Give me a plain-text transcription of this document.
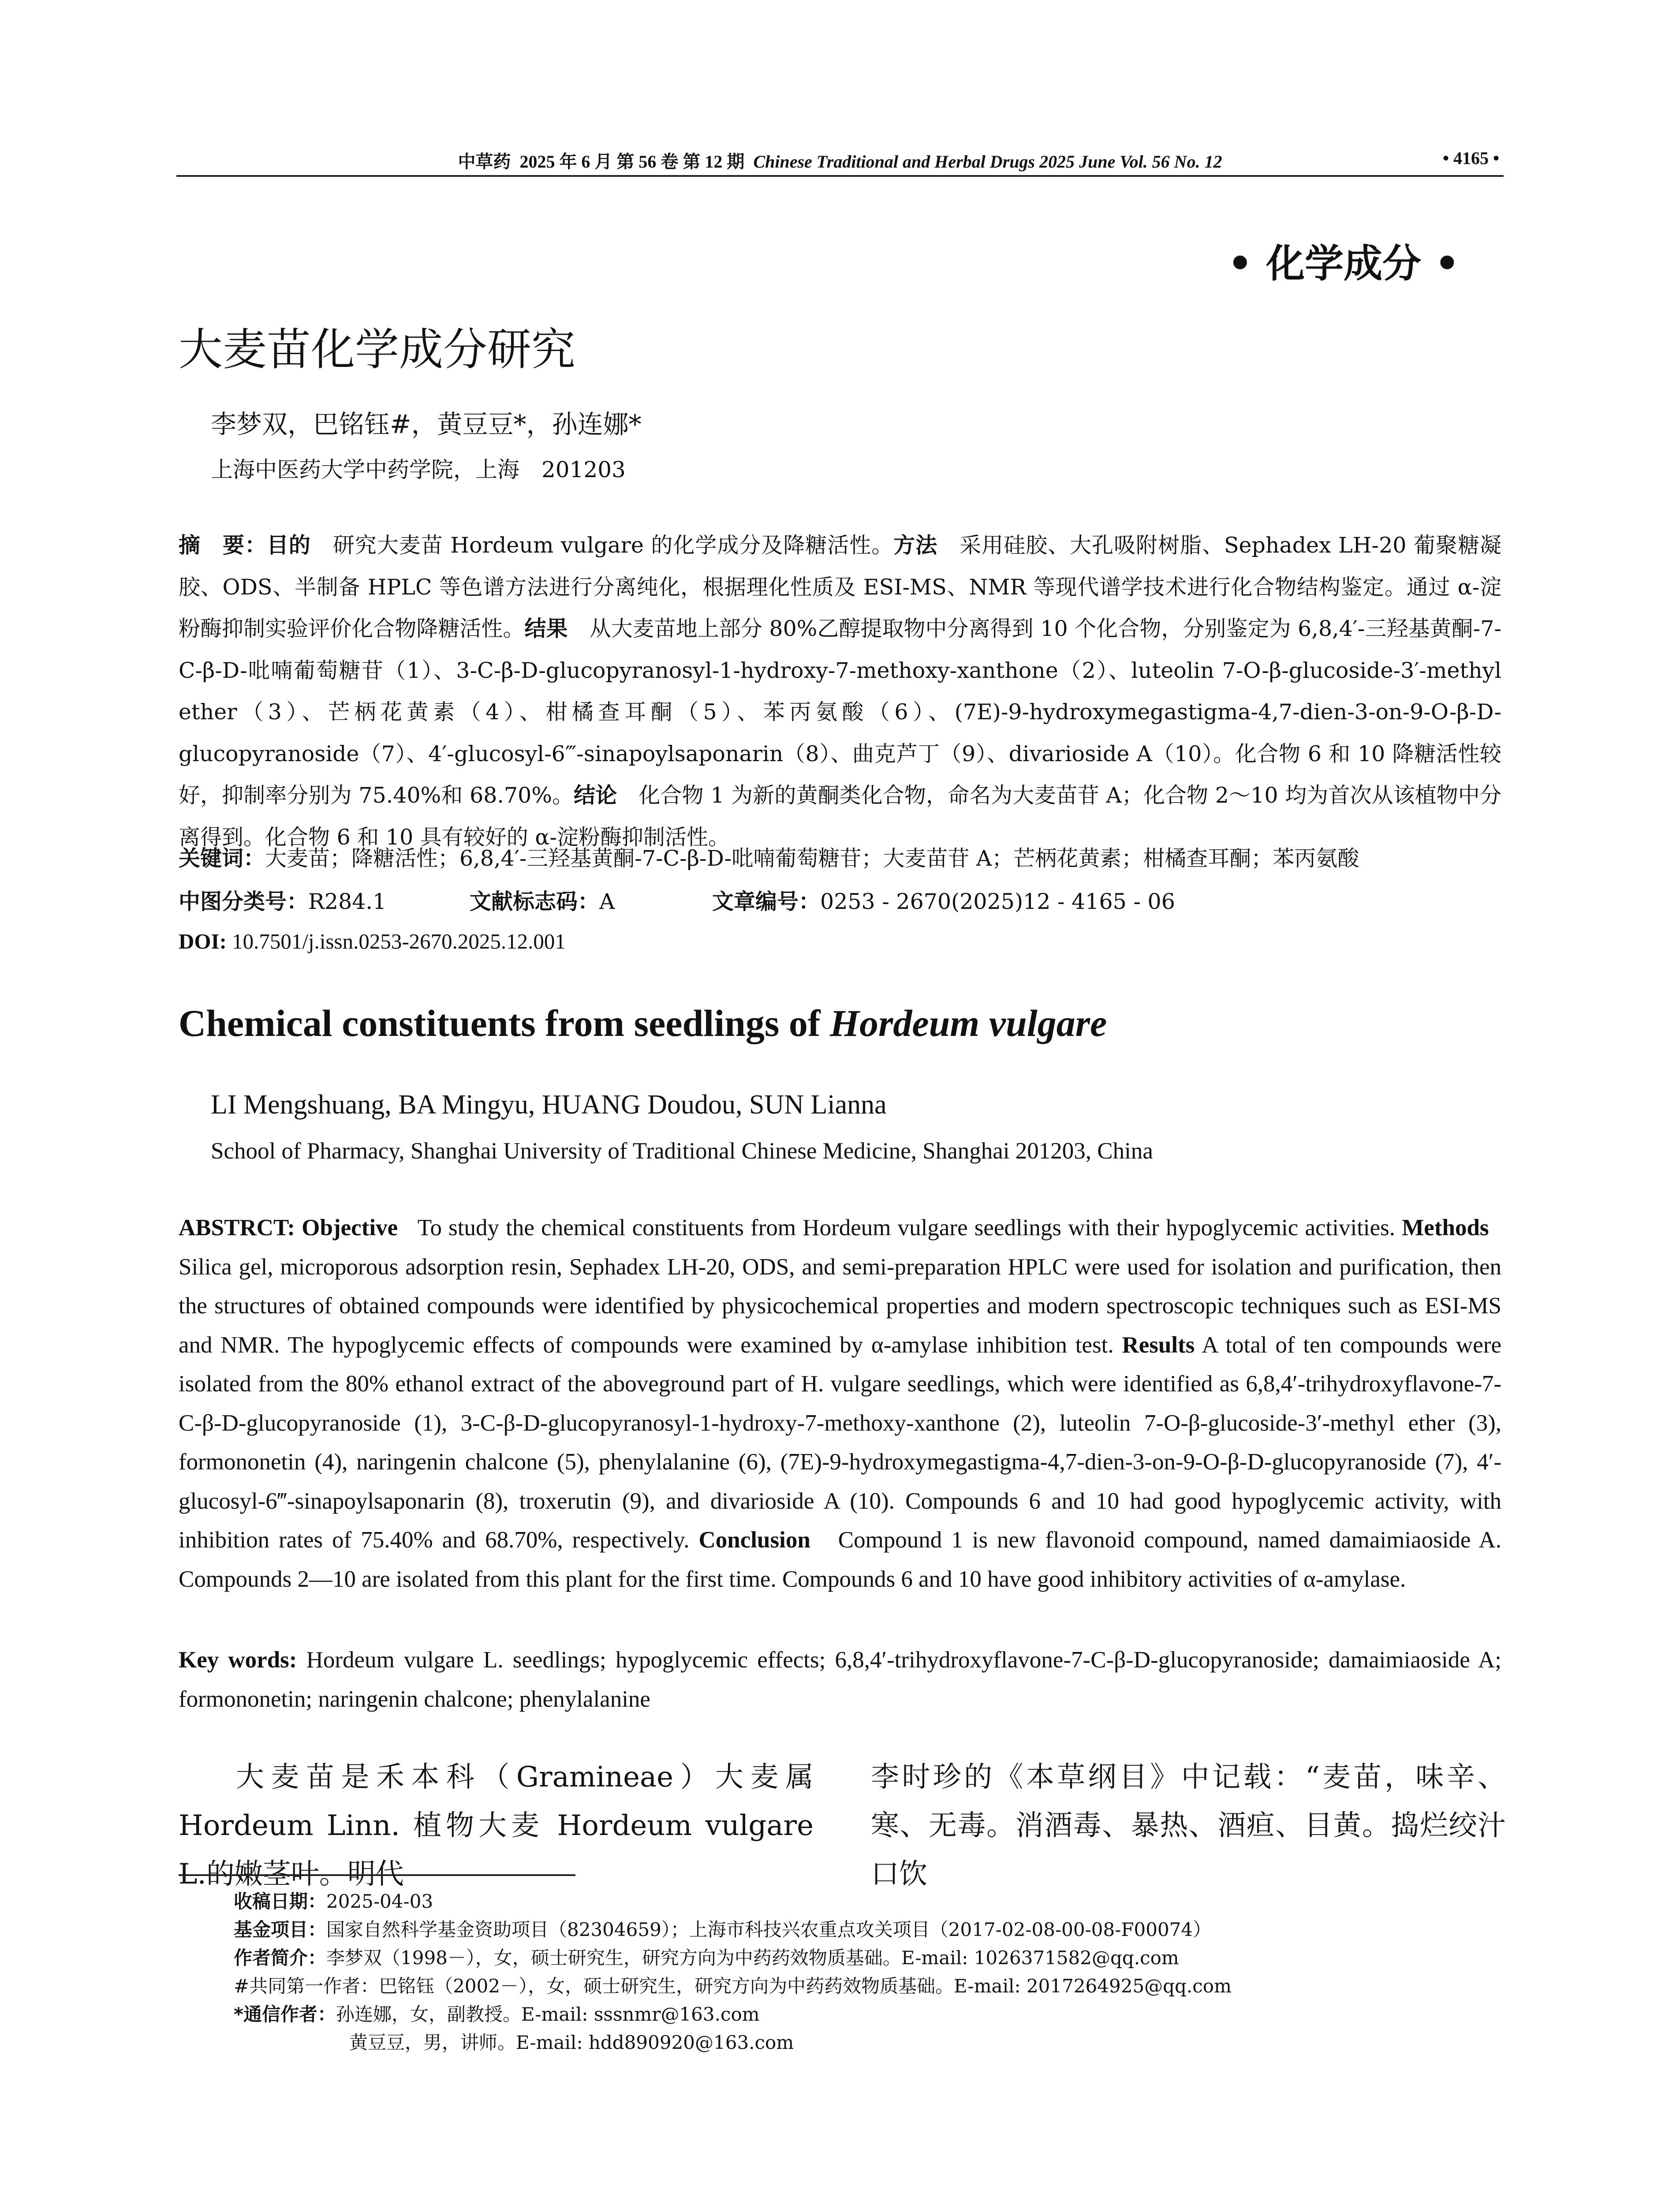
中草药 2025 年 6 月 第 56 卷 第 12 期 Chinese Traditional and Herbal Drugs 2025 June Vol. 56 No. 12
•	4165 •
• 化学成分 •
大麦苗化学成分研究
李梦双，巴铭钰#，黄豆豆*，孙连娜*
上海中医药大学中药学院，上海　201203
摘　要：目的　 研究大麦苗 Hordeum vulgare 的化学成分及降糖活性。方法　 采用硅胶、大孔吸附树脂、Sephadex LH-20 葡聚糖凝胶、ODS、半制备 HPLC 等色谱方法进行分离纯化，根据理化性质及 ESI-MS、NMR 等现代谱学技术进行化合物结构鉴定。通过 α-淀粉酶抑制实验评价化合物降糖活性。结果　 从大麦苗地上部分 80%乙醇提取物中分离得到 10 个化合物，分别鉴定为 6,8,4′-三羟基黄酮-7-C-β-D-吡喃葡萄糖苷（1）、3-C-β-D-glucopyranosyl-1-hydroxy-7-methoxy-xanthone（2）、luteolin 7-O-β-glucoside-3′-methyl ether（3）、芒柄花黄素（4）、柑橘查耳酮（5）、苯丙氨酸（6）、(7E)-9-hydroxymegastigma-4,7-dien-3-on-9-O-β-D-glucopyranoside（7）、4′-glucosyl-6‴-sinapoylsaponarin（8）、曲克芦丁（9）、divarioside A（10）。化合物 6 和 10 降糖活性较好，抑制率分别为 75.40%和 68.70%。结论　 化合物 1 为新的黄酮类化合物，命名为大麦苗苷 A；化合物 2～10 均为首次从该植物中分离得到。化合物 6 和 10 具有较好的 α-淀粉酶抑制活性。
关键词：大麦苗；降糖活性；6,8,4′-三羟基黄酮-7-C-β-D-吡喃葡萄糖苷；大麦苗苷 A；芒柄花黄素；柑橘查耳酮；苯丙氨酸
中图分类号：R284.1	文献标志码：A	文章编号：0253 - 2670(2025)12 - 4165 - 06
DOI: 10.7501/j.issn.0253-2670.2025.12.001
Chemical constituents from seedlings of Hordeum vulgare
LI Mengshuang, BA Mingyu, HUANG Doudou, SUN Lianna
School of Pharmacy, Shanghai University of Traditional Chinese Medicine, Shanghai 201203, China
ABSTRCT: Objective To study the chemical constituents from Hordeum vulgare seedlings with their hypoglycemic activities. Methods   Silica gel, microporous adsorption resin, Sephadex LH-20, ODS, and semi-preparation HPLC were used for isolation and purification, then the structures of obtained compounds were identified by physicochemical properties and modern spectroscopic techniques such as ESI-MS and NMR. The hypoglycemic effects of compounds were examined by α-amylase inhibition test. Results A total of ten compounds were isolated from the 80% ethanol extract of the aboveground part of H. vulgare seedlings, which were identified as 6,8,4′-trihydroxyflavone-7-C-β-D-glucopyranoside (1), 3-C-β-D-glucopyranosyl-1-hydroxy-7-methoxy-xanthone (2), luteolin 7-O-β-glucoside-3′-methyl ether (3), formononetin (4), naringenin chalcone (5), phenylalanine (6), (7E)-9-hydroxymegastigma-4,7-dien-3-on-9-O-β-D-glucopyranoside (7), 4′-glucosyl-6‴-sinapoylsaponarin (8), troxerutin (9), and divarioside A (10). Compounds 6 and 10 had good hypoglycemic activity, with inhibition rates of 75.40% and 68.70%, respectively. Conclusion Compound 1 is new flavonoid compound, named damaimiaoside A. Compounds 2—10 are isolated from this plant for the first time. Compounds 6 and 10 have good inhibitory activities of α-amylase.
Key words: Hordeum vulgare L. seedlings; hypoglycemic effects; 6,8,4′-trihydroxyflavone-7-C-β-D-glucopyranoside; damaimiaoside A; formononetin; naringenin chalcone; phenylalanine
大麦苗是禾本科（Gramineae）大麦属 Hordeum Linn. 植物大麦 Hordeum vulgare L.的嫩茎叶。明代
李时珍的《本草纲目》中记载：“麦苗，味辛、寒、无毒。消酒毒、暴热、酒疸、目黄。捣烂绞汁口饮
收稿日期：2025-04-03
基金项目：国家自然科学基金资助项目（82304659）；上海市科技兴农重点攻关项目（2017-02-08-00-08-F00074）
作者简介：李梦双（1998－），女，硕士研究生，研究方向为中药药效物质基础。E-mail: 1026371582@qq.com
#共同第一作者：巴铭钰（2002－），女，硕士研究生，研究方向为中药药效物质基础。E-mail: 2017264925@qq.com
*通信作者：孙连娜，女，副教授。E-mail: sssnmr@163.com
黄豆豆，男，讲师。E-mail: hdd890920@163.com
